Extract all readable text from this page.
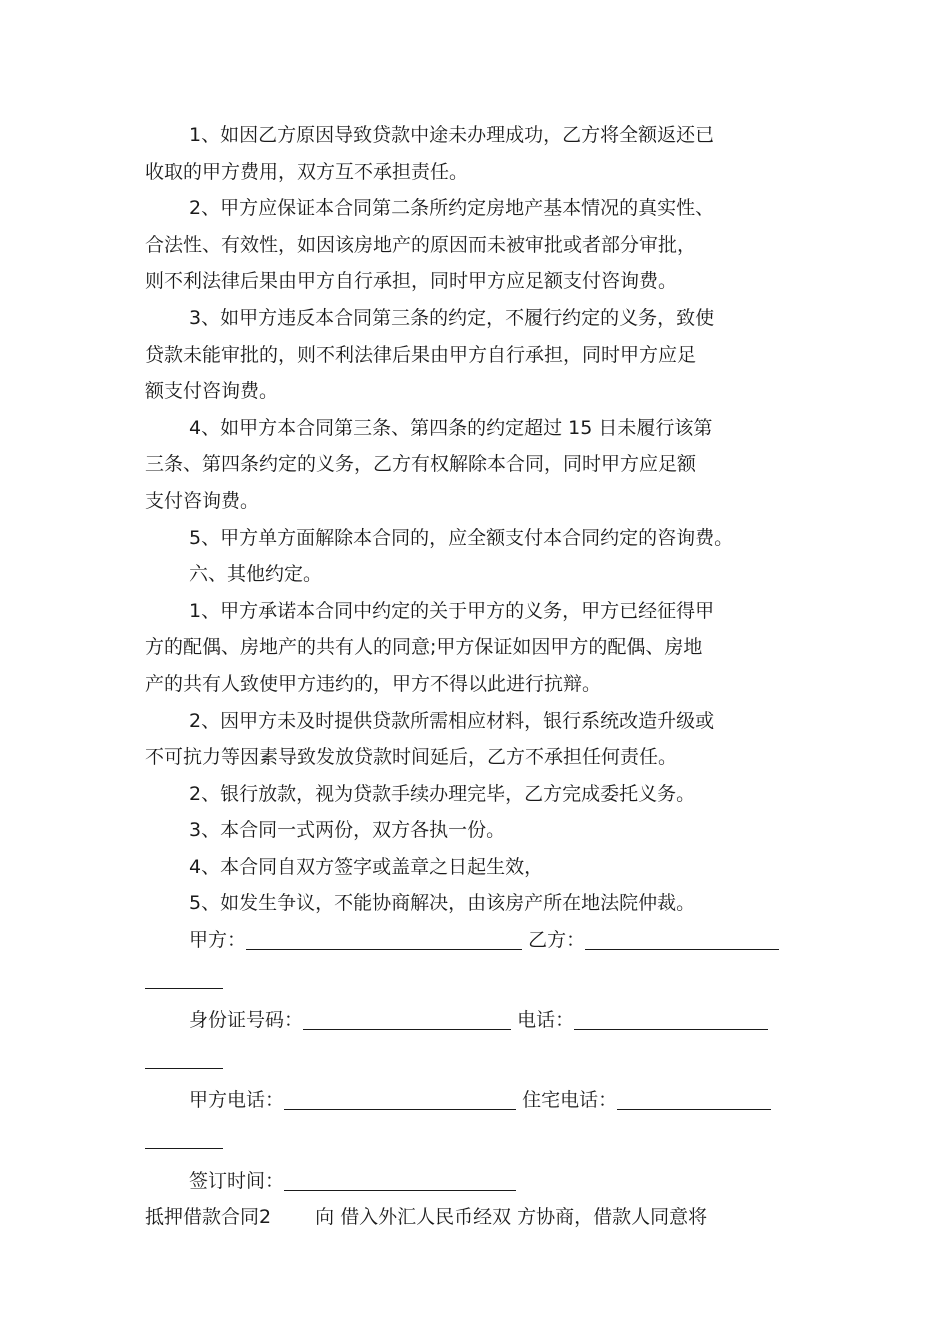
1、如因乙方原因导致贷款中途未办理成功，乙方将全额返还已
收取的甲方费用，双方互不承担责任。
2、甲方应保证本合同第二条所约定房地产基本情况的真实性、
合法性、有效性，如因该房地产的原因而未被审批或者部分审批，
则不利法律后果由甲方自行承担，同时甲方应足额支付咨询费。
3、如甲方违反本合同第三条的约定，不履行约定的义务，致使
贷款未能审批的，则不利法律后果由甲方自行承担，同时甲方应足
额支付咨询费。
4、如甲方本合同第三条、第四条的约定超过 15 日未履行该第
三条、第四条约定的义务，乙方有权解除本合同，同时甲方应足额
支付咨询费。
5、甲方单方面解除本合同的，应全额支付本合同约定的咨询费。
六、其他约定。
1、甲方承诺本合同中约定的关于甲方的义务，甲方已经征得甲
方的配偶、房地产的共有人的同意;甲方保证如因甲方的配偶、房地
产的共有人致使甲方违约的，甲方不得以此进行抗辩。
2、因甲方未及时提供贷款所需相应材料，银行系统改造升级或
不可抗力等因素导致发放贷款时间延后，乙方不承担任何责任。
2、银行放款，视为贷款手续办理完毕，乙方完成委托义务。
3、本合同一式两份，双方各执一份。
4、本合同自双方签字或盖章之日起生效，
5、如发生争议，不能协商解决，由该房产所在地法院仲裁。
甲方：	乙方：
身份证号码：	电话：
甲方电话：	住宅电话：
签订时间：
抵押借款合同2 向 借入外汇人民币经双 方协商，借款人同意将
